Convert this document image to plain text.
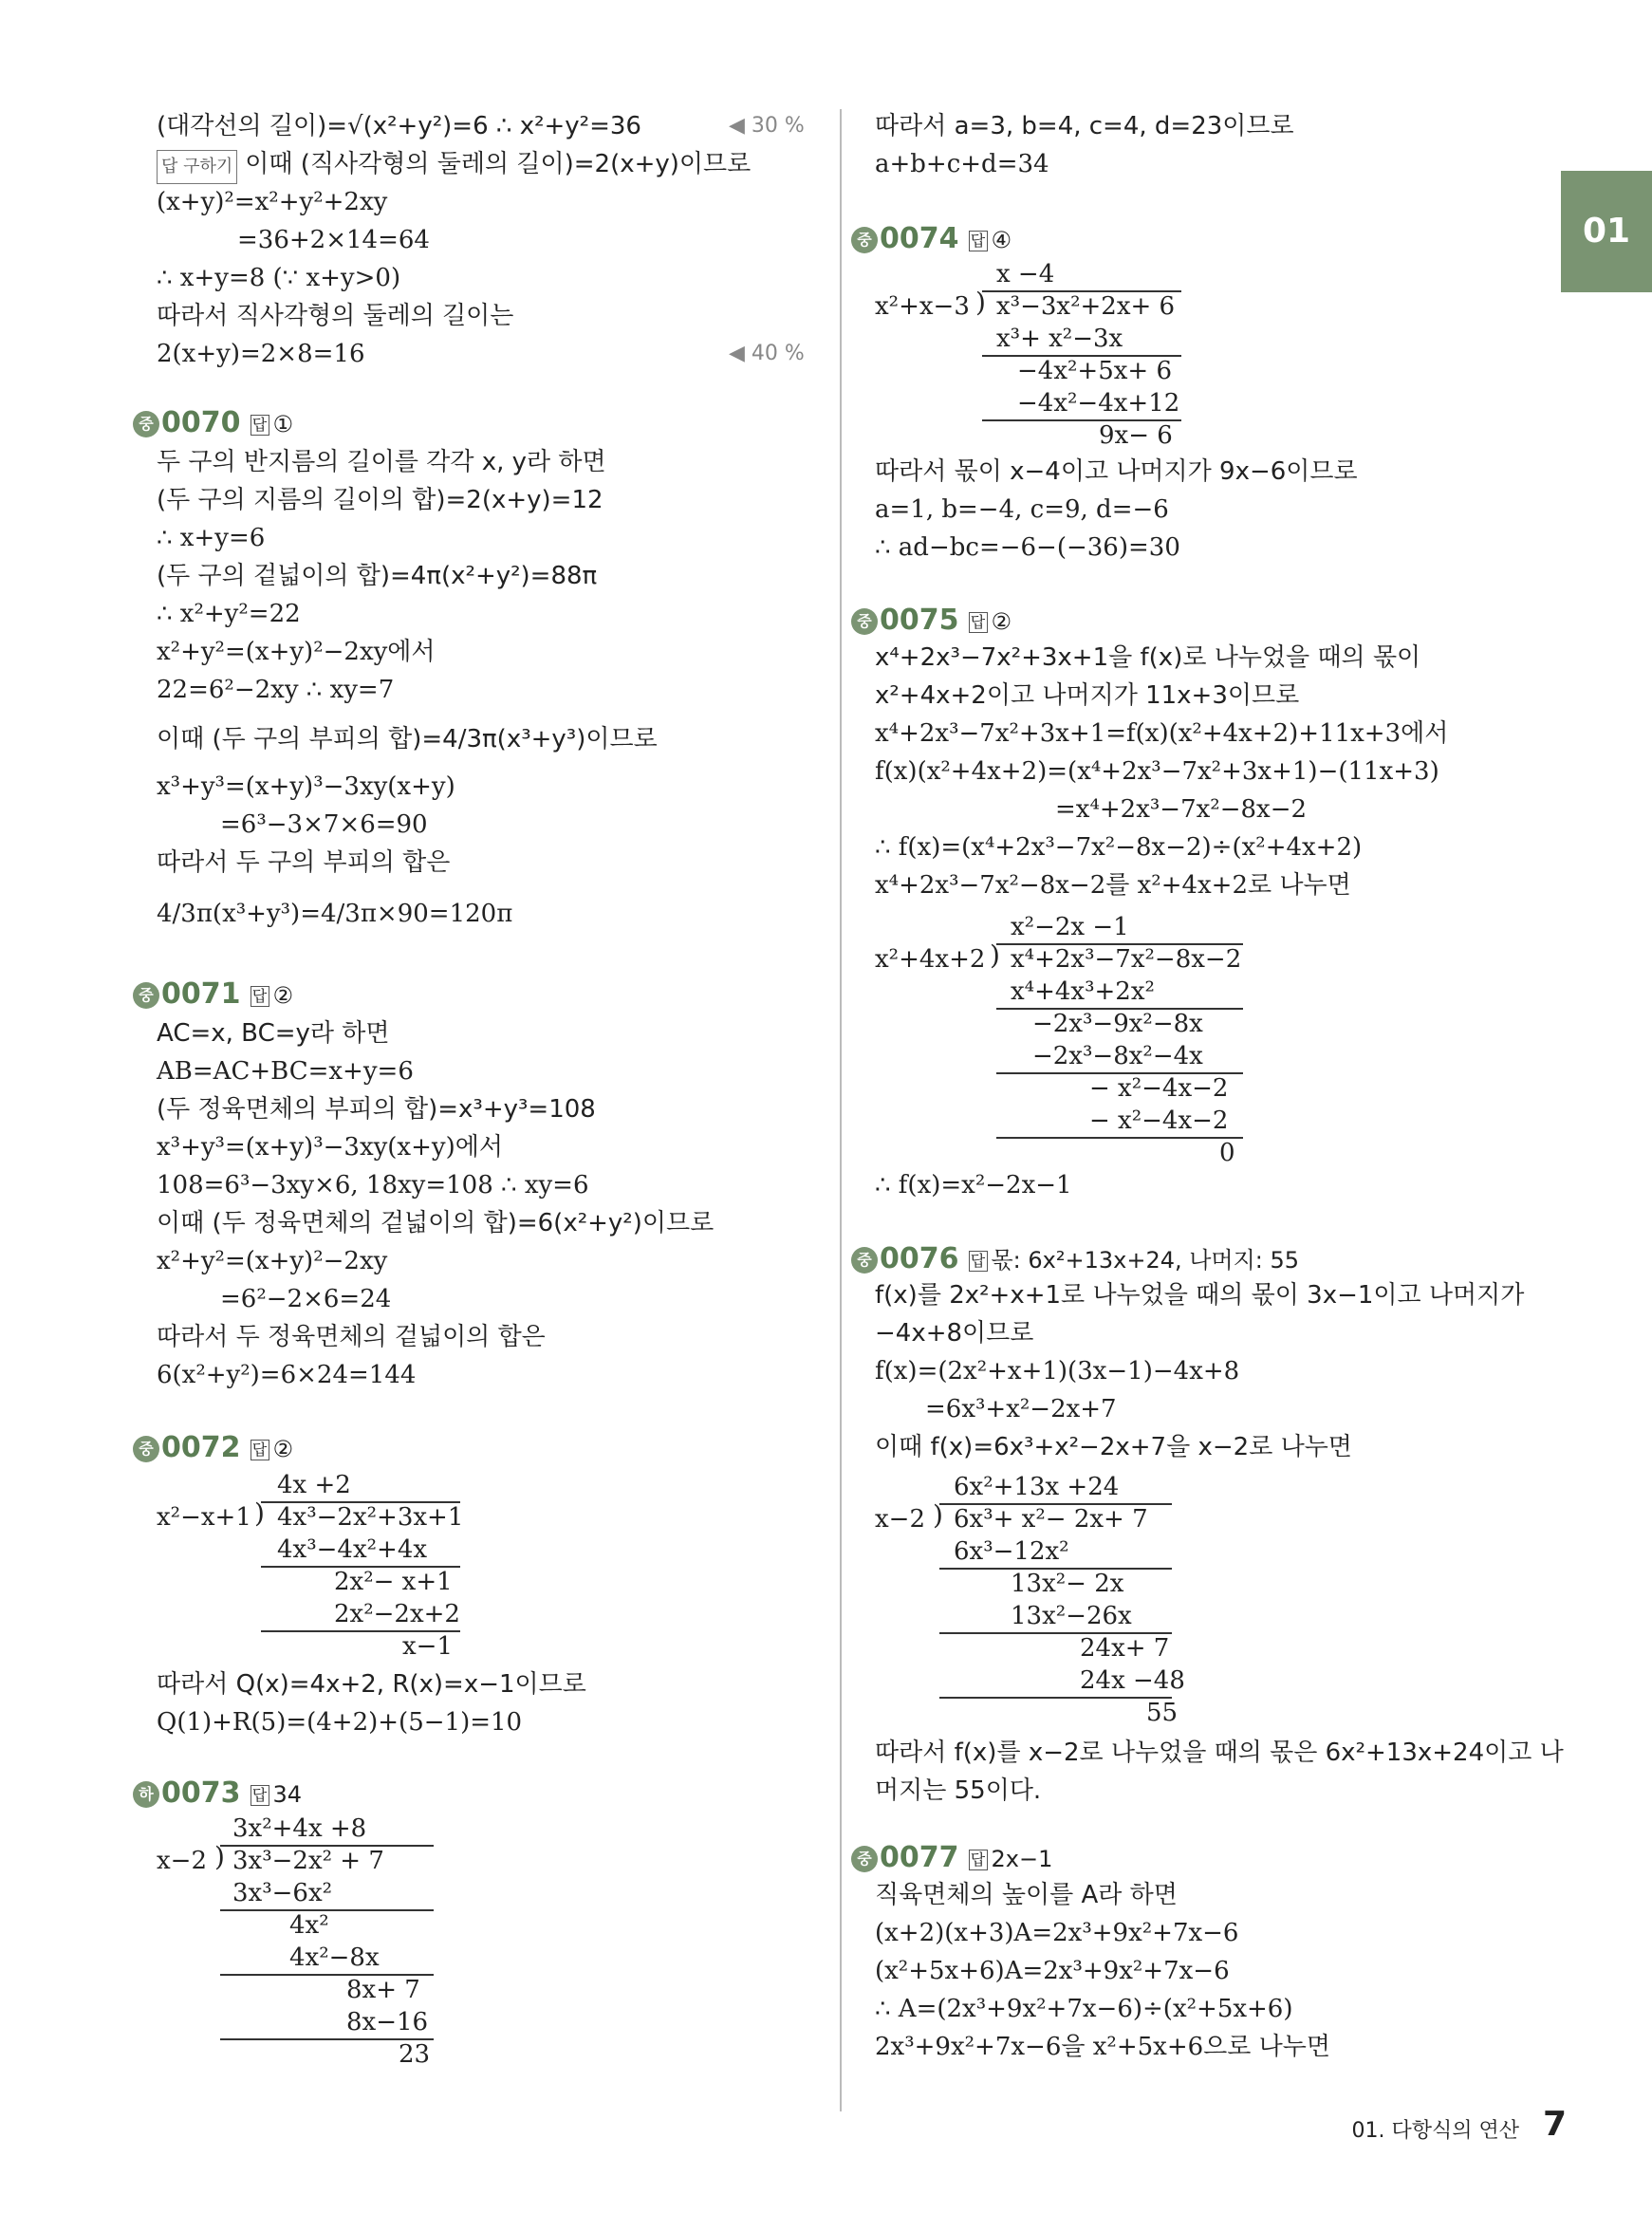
01
(대각선의 길이)=√(x²+y²)=6 ∴ x²+y²=36	◀ 30 %
답 구하기 이때 (직사각형의 둘레의 길이)=2(x+y)이므로
(x+y)²=x²+y²+2xy
=36+2×14=64
∴ x+y=8 (∵ x+y>0)
따라서 직사각형의 둘레의 길이는
2(x+y)=2×8=16	◀ 40 %
중 0070 답 ①
두 구의 반지름의 길이를 각각 x, y라 하면
(두 구의 지름의 길이의 합)=2(x+y)=12
∴ x+y=6
(두 구의 겉넓이의 합)=4π(x²+y²)=88π
∴ x²+y²=22
x²+y²=(x+y)²−2xy에서
22=6²−2xy ∴ xy=7
이때 (두 구의 부피의 합)=4/3π(x³+y³)이므로
x³+y³=(x+y)³−3xy(x+y)
=6³−3×7×6=90
따라서 두 구의 부피의 합은
4/3π(x³+y³)=4/3π×90=120π
중 0071 답 ②
AC=x, BC=y라 하면
AB=AC+BC=x+y=6
(두 정육면체의 부피의 합)=x³+y³=108
x³+y³=(x+y)³−3xy(x+y)에서
108=6³−3xy×6, 18xy=108 ∴ xy=6
이때 (두 정육면체의 겉넓이의 합)=6(x²+y²)이므로
x²+y²=(x+y)²−2xy
=6²−2×6=24
따라서 두 정육면체의 겉넓이의 합은
6(x²+y²)=6×24=144
중 0072 답 ②
4x +2
x²−x+1 ) 4x³−2x²+3x+1
4x³−4x²+4x
2x²− x+1
2x²−2x+2
x−1
따라서 Q(x)=4x+2, R(x)=x−1이므로
Q(1)+R(5)=(4+2)+(5−1)=10
하 0073 답 34
3x²+4x +8
x−2 ) 3x³−2x² + 7
3x³−6x²
4x²
4x²−8x
8x+ 7
8x−16
23
따라서 a=3, b=4, c=4, d=23이므로
a+b+c+d=34
중 0074 답 ④
x −4
x²+x−3 ) x³−3x²+2x+ 6
x³+ x²−3x
−4x²+5x+ 6
−4x²−4x+12
9x− 6
따라서 몫이 x−4이고 나머지가 9x−6이므로
a=1, b=−4, c=9, d=−6
∴ ad−bc=−6−(−36)=30
중 0075 답 ②
x⁴+2x³−7x²+3x+1을 f(x)로 나누었을 때의 몫이
x²+4x+2이고 나머지가 11x+3이므로
x⁴+2x³−7x²+3x+1=f(x)(x²+4x+2)+11x+3에서
f(x)(x²+4x+2)=(x⁴+2x³−7x²+3x+1)−(11x+3)
=x⁴+2x³−7x²−8x−2
∴ f(x)=(x⁴+2x³−7x²−8x−2)÷(x²+4x+2)
x⁴+2x³−7x²−8x−2를 x²+4x+2로 나누면
x²−2x −1
x²+4x+2 ) x⁴+2x³−7x²−8x−2
x⁴+4x³+2x²
−2x³−9x²−8x
−2x³−8x²−4x
− x²−4x−2
− x²−4x−2
0
∴ f(x)=x²−2x−1
중 0076 답 몫: 6x²+13x+24, 나머지: 55
f(x)를 2x²+x+1로 나누었을 때의 몫이 3x−1이고 나머지가
−4x+8이므로
f(x)=(2x²+x+1)(3x−1)−4x+8
=6x³+x²−2x+7
이때 f(x)=6x³+x²−2x+7을 x−2로 나누면
6x²+13x +24
x−2 ) 6x³+ x²− 2x+ 7
6x³−12x²
13x²− 2x
13x²−26x
24x+ 7
24x −48
55
따라서 f(x)를 x−2로 나누었을 때의 몫은 6x²+13x+24이고 나
머지는 55이다.
중 0077 답 2x−1
직육면체의 높이를 A라 하면
(x+2)(x+3)A=2x³+9x²+7x−6
(x²+5x+6)A=2x³+9x²+7x−6
∴ A=(2x³+9x²+7x−6)÷(x²+5x+6)
2x³+9x²+7x−6을 x²+5x+6으로 나누면
01. 다항식의 연산 7
